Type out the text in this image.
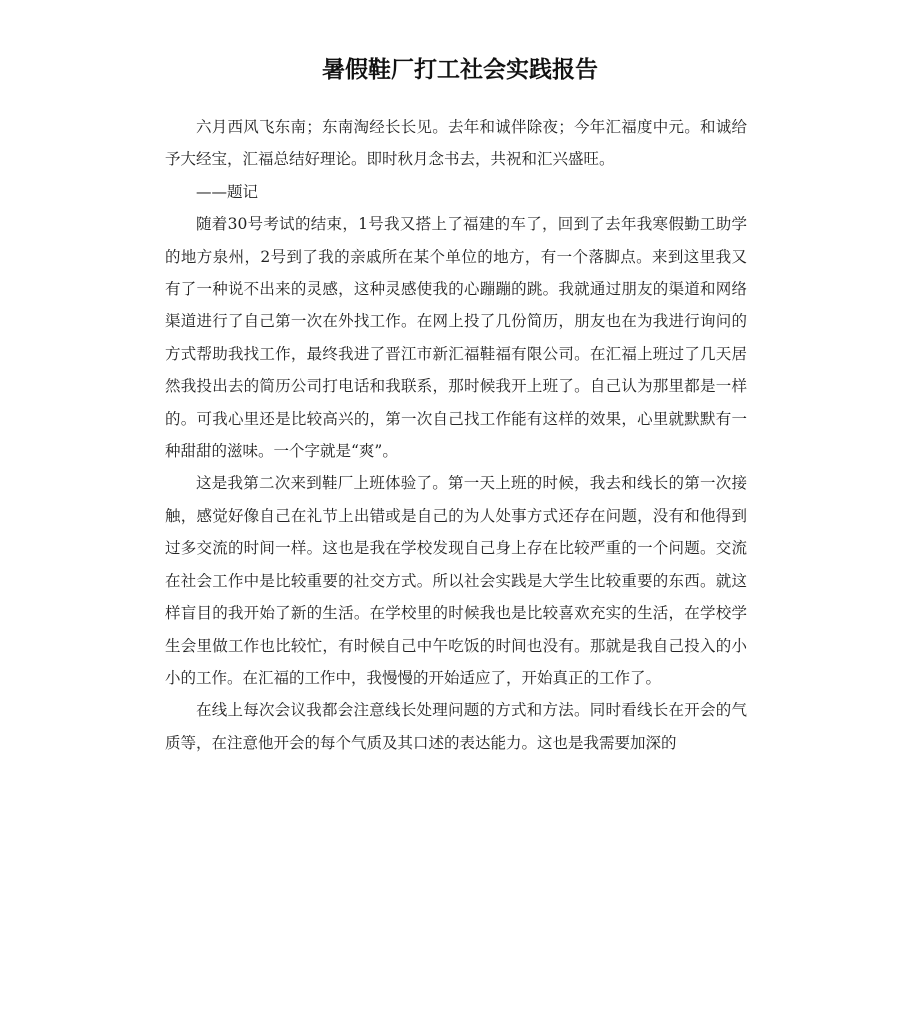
暑假鞋厂打工社会实践报告

六月西风飞东南；东南淘经长长见。去年和诚伴除夜；今年汇福度中元。和诚给予大经宝，汇福总结好理论。即时秋月念书去，共祝和汇兴盛旺。

——题记

随着30号考试的结束，1号我又搭上了福建的车了，回到了去年我寒假勤工助学的地方泉州，2号到了我的亲戚所在某个单位的地方，有一个落脚点。来到这里我又有了一种说不出来的灵感，这种灵感使我的心蹦蹦的跳。我就通过朋友的渠道和网络渠道进行了自己第一次在外找工作。在网上投了几份简历，朋友也在为我进行询问的方式帮助我找工作，最终我进了晋江市新汇福鞋福有限公司。在汇福上班过了几天居然我投出去的简历公司打电话和我联系，那时候我开上班了。自己认为那里都是一样的。可我心里还是比较高兴的，第一次自己找工作能有这样的效果，心里就默默有一种甜甜的滋味。一个字就是“爽”。

这是我第二次来到鞋厂上班体验了。第一天上班的时候，我去和线长的第一次接触，感觉好像自己在礼节上出错或是自己的为人处事方式还存在问题，没有和他得到过多交流的时间一样。这也是我在学校发现自己身上存在比较严重的一个问题。交流在社会工作中是比较重要的社交方式。所以社会实践是大学生比较重要的东西。就这样盲目的我开始了新的生活。在学校里的时候我也是比较喜欢充实的生活，在学校学生会里做工作也比较忙，有时候自己中午吃饭的时间也没有。那就是我自己投入的小小的工作。在汇福的工作中，我慢慢的开始适应了，开始真正的工作了。

在线上每次会议我都会注意线长处理问题的方式和方法。同时看线长在开会的气质等，在注意他开会的每个气质及其口述的表达能力。这也是我需要加深的
